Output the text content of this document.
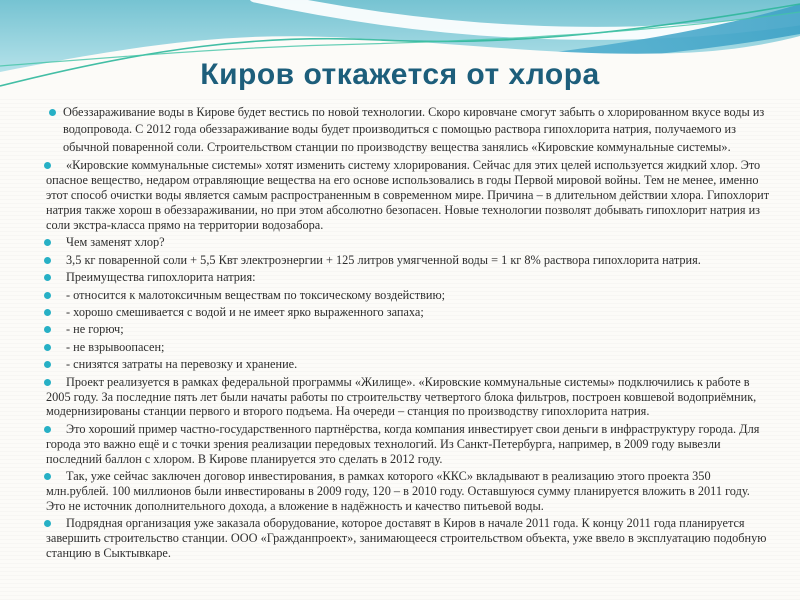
Киров откажется от хлора
Обеззараживание воды в Кирове будет вестись по новой технологии. Скоро кировчане смогут забыть о хлорированном вкусе воды из водопровода. С 2012 года обеззараживание воды будет производиться с помощью раствора гипохлорита натрия, получаемого из обычной поваренной соли. Строительством станции по производству вещества занялись «Кировские коммунальные системы».
«Кировские коммунальные системы» хотят изменить систему хлорирования. Сейчас для этих целей используется жидкий хлор. Это опасное вещество, недаром отравляющие вещества на его основе использовались в годы Первой мировой войны. Тем не менее, именно этот способ очистки воды является самым распространенным в современном мире. Причина – в длительном действии хлора. Гипохлорит натрия также хорош в обеззараживании, но при этом абсолютно безопасен. Новые технологии позволят добывать гипохлорит натрия из соли экстра-класса прямо на территории водозабора.
Чем заменят хлор?
3,5 кг поваренной соли + 5,5 Квт электроэнергии + 125 литров умягченной воды = 1 кг 8% раствора гипохлорита натрия.
Преимущества гипохлорита натрия:
- относится к малотоксичным веществам по токсическому воздействию;
- хорошо смешивается с водой и не имеет ярко выраженного запаха;
- не горюч;
- не взрывоопасен;
- снизятся затраты на перевозку и хранение.
Проект реализуется в рамках федеральной программы «Жилище». «Кировские коммунальные системы» подключились к работе в 2005 году. За последние пять лет были начаты работы по строительству четвертого блока фильтров, построен ковшевой водоприёмник, модернизированы станции первого и второго подъема. На очереди – станция по производству гипохлорита натрия.
Это хороший пример частно-государственного партнёрства, когда компания инвестирует свои деньги в инфраструктуру города. Для города это важно ещё и с точки зрения реализации передовых технологий. Из Санкт-Петербурга, например, в 2009 году вывезли последний баллон с хлором. В Кирове планируется это сделать в 2012 году.
Так, уже сейчас заключен договор инвестирования, в рамках которого «ККС» вкладывают в реализацию этого проекта 350 млн.рублей. 100 миллионов были инвестированы в 2009 году, 120 – в 2010 году. Оставшуюся сумму планируется вложить в 2011 году. Это не источник дополнительного дохода, а вложение в надёжность и качество питьевой воды.
Подрядная организация уже заказала оборудование, которое доставят в Киров в начале 2011 года. К концу 2011 года планируется завершить строительство станции. ООО «Гражданпроект», занимающееся строительством объекта, уже ввело в эксплуатацию подобную станцию в Сыктывкаре.
